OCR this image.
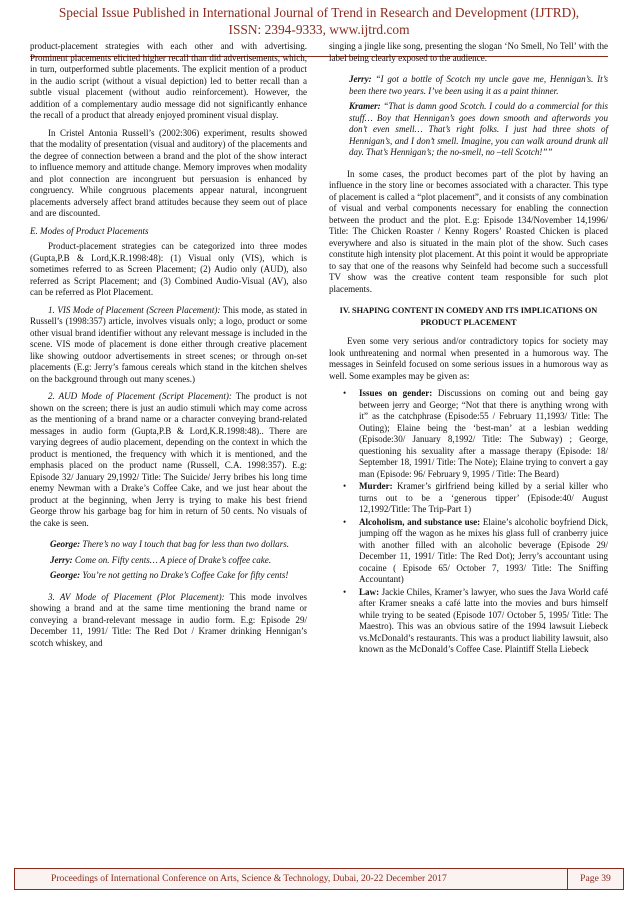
Special Issue Published in International Journal of Trend in Research and Development (IJTRD),
ISSN: 2394-9333, www.ijtrd.com

product-placement strategies with each other and with advertising. Prominent placements elicited higher recall than did advertisements, which, in turn, outperformed subtle placements. The explicit mention of a product in the audio script (without a visual depiction) led to better recall than a subtle visual placement (without audio reinforcement). However, the addition of a complementary audio message did not significantly enhance the recall of a product that already enjoyed prominent visual display.

In Cristel Antonia Russell’s (2002:306) experiment, results showed that the modality of presentation (visual and auditory) of the placements and the degree of connection between a brand and the plot of the show interact to influence memory and attitude change. Memory improves when modality and plot connection are incongruent but persuasion is enhanced by congruency. While congruous placements appear natural, incongruent placements adversely affect brand attitudes because they seem out of place and are discounted.

E. Modes of Product Placements

Product-placement strategies can be categorized into three modes (Gupta,P.B & Lord,K.R.1998:48): (1) Visual only (VIS), which is sometimes referred to as Screen Placement; (2) Audio only (AUD), also referred as Script Placement; and (3) Combined Audio-Visual (AV), also can be referred as Plot Placement.

1. VIS Mode of Placement (Screen Placement): This mode, as stated in Russell’s (1998:357) article, involves visuals only; a logo, product or some other visual brand identifier without any relevant message is included in the scene. VIS mode of placement is done either through creative placement like showing outdoor advertisements in street scenes; or through on-set placements (E.g: Jerry’s famous cereals which stand in the kitchen shelves on the background through out many scenes.)

2. AUD Mode of Placement (Script Placement): The product is not shown on the screen; there is just an audio stimuli which may come across as the mentioning of a brand name or a character conveying brand-related messages in audio form (Gupta,P.B & Lord,K.R.1998:48).. There are varying degrees of audio placement, depending on the context in which the product is mentioned, the frequency with which it is mentioned, and the emphasis placed on the product name (Russell, C.A. 1998:357). E.g: Episode 32/ January 29,1992/ Title: The Suicide/ Jerry bribes his long time enemy Newman with a Drake’s Coffee Cake, and we just hear about the product at the beginning, when Jerry is trying to make his best friend George throw his garbage bag for him in return of 50 cents. No visuals of the cake is seen.

George: There’s no way I touch that bag for less than two dollars.

Jerry: Come on. Fifty cents… A piece of Drake’s coffee cake.

George: You’re not getting no Drake’s Coffee Cake for fifty cents!

3. AV Mode of Placement (Plot Placement): This mode involves showing a brand and at the same time mentioning the brand name or conveying a brand-relevant message in audio form. E.g: Episode 29/ December 11, 1991/ Title: The Red Dot / Kramer drinking Hennigan’s scotch whiskey, and

singing a jingle like song, presenting the slogan ‘No Smell, No Tell’ with the label being clearly exposed to the audience.

Jerry: “I got a bottle of Scotch my uncle gave me, Hennigan’s. It’s been there two years. I’ve been using it as a paint thinner.

Kramer: “That is damn good Scotch. I could do a commercial for this stuff… Boy that Hennigan’s goes down smooth and afterwords you don’t even smell… That’s right folks. I just had three shots of Hennigan’s, and I don’t smell. Imagine, you can walk around drunk all day. That’s Hennigan’s; the no-smell, no –tell Scotch!””

In some cases, the product becomes part of the plot by having an influence in the story line or becomes associated with a character. This type of placement is called a “plot placement”, and it consists of any combination of visual and verbal components necessary for enabling the connection between the product and the plot. E.g: Episode 134/November 14,1996/ Title: The Chicken Roaster / Kenny Rogers’ Roasted Chicken is placed everywhere and also is situated in the main plot of the show. Such cases constitute high intensity plot placement. At this point it would be appropriate to say that one of the reasons why Seinfeld had become such a successfull TV show was the creative content team responsible for such plot placements.

IV. SHAPING CONTENT IN COMEDY AND ITS IMPLICATIONS ON PRODUCT PLACEMENT

Even some very serious and/or contradictory topics for society may look unthreatening and normal when presented in a humorous way. The messages in Seinfeld focused on some serious issues in a humorous way as well. Some examples may be given as:

• Issues on gender: Discussions on coming out and being gay between jerry and George; “Not that there is anything wrong with it” as the catchphrase (Episode:55 / February 11,1993/ Title: The Outing); Elaine being the ‘best-man’ at a lesbian wedding (Episode:30/ January 8,1992/ Title: The Subway) ; George, questioning his sexuality after a massage therapy (Episode: 18/ September 18, 1991/ Title: The Note); Elaine trying to convert a gay man (Episode: 96/ February 9, 1995 / Title: The Beard)
• Murder: Kramer’s girlfriend being killed by a serial killer who turns out to be a ‘generous tipper’ (Episode:40/ August 12,1992/Title: The Trip-Part 1)
• Alcoholism, and substance use: Elaine’s alcoholic boyfriend Dick, jumping off the wagon as he mixes his glass full of cranberry juice with another filled with an alcoholic beverage (Episode 29/ December 11, 1991/ Title: The Red Dot); Jerry’s accountant using cocaine ( Episode 65/ October 7, 1993/ Title: The Sniffing Accountant)
• Law: Jackie Chiles, Kramer’s lawyer, who sues the Java World café after Kramer sneaks a café latte into the movies and burs himself while trying to be seated (Episode 107/ October 5, 1995/ Title: The Maestro). This was an obvious satire of the 1994 lawsuit Liebeck vs.McDonald’s restaurants. This was a product liability lawsuit, also known as the McDonald’s Coffee Case. Plaintiff Stella Liebeck
Proceedings of International Conference on Arts, Science & Technology, Dubai, 20-22 December 2017	Page 39
